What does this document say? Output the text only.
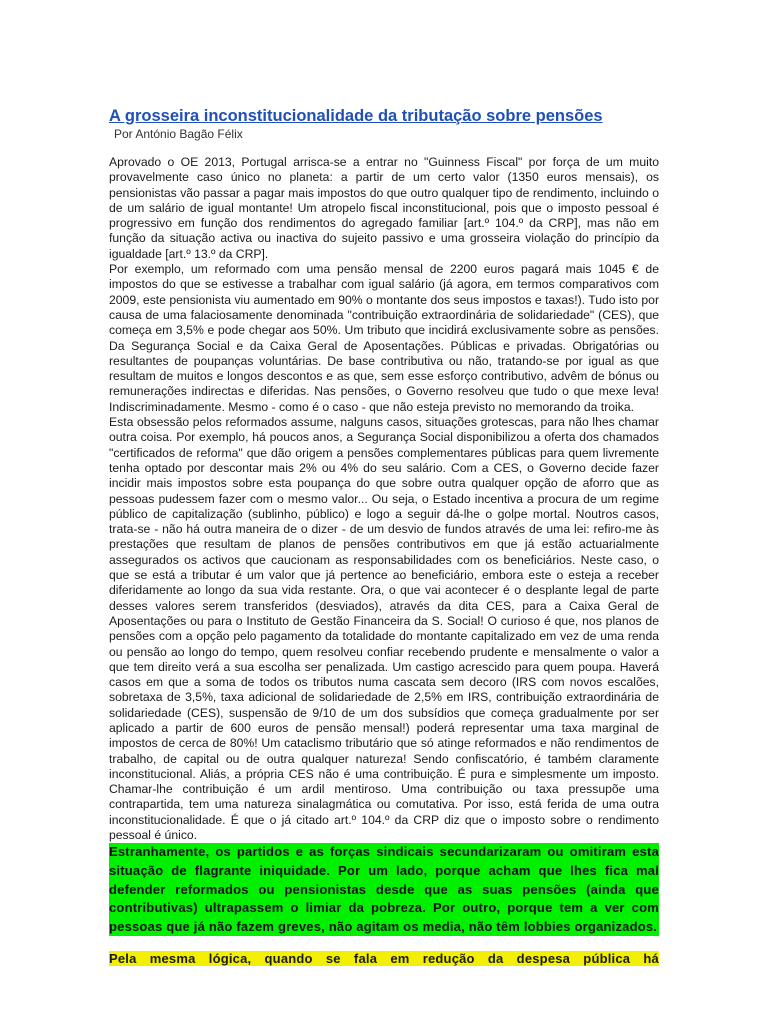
A grosseira inconstitucionalidade da tributação sobre pensões
Por António Bagão Félix

Aprovado o OE 2013, Portugal arrisca-se a entrar no "Guinness Fiscal" por força de um muito provavelmente caso único no planeta: a partir de um certo valor (1350 euros mensais), os pensionistas vão passar a pagar mais impostos do que outro qualquer tipo de rendimento, incluindo o de um salário de igual montante! Um atropelo fiscal inconstitucional, pois que o imposto pessoal é progressivo em função dos rendimentos do agregado familiar [art.º 104.º da CRP], mas não em função da situação activa ou inactiva do sujeito passivo e uma grosseira violação do princípio da igualdade [art.º 13.º da CRP].

Por exemplo, um reformado com uma pensão mensal de 2200 euros pagará mais 1045 € de impostos do que se estivesse a trabalhar com igual salário (já agora, em termos comparativos com 2009, este pensionista viu aumentado em 90% o montante dos seus impostos e taxas!). Tudo isto por causa de uma falaciosamente denominada "contribuição extraordinária de solidariedade" (CES), que começa em 3,5% e pode chegar aos 50%. Um tributo que incidirá exclusivamente sobre as pensões. Da Segurança Social e da Caixa Geral de Aposentações. Públicas e privadas. Obrigatórias ou resultantes de poupanças voluntárias. De base contributiva ou não, tratando-se por igual as que resultam de muitos e longos descontos e as que, sem esse esforço contributivo, advêm de bónus ou remunerações indirectas e diferidas. Nas pensões, o Governo resolveu que tudo o que mexe leva! Indiscriminadamente. Mesmo - como é o caso - que não esteja previsto no memorando da troika.

Esta obsessão pelos reformados assume, nalguns casos, situações grotescas, para não lhes chamar outra coisa. Por exemplo, há poucos anos, a Segurança Social disponibilizou a oferta dos chamados "certificados de reforma" que dão origem a pensões complementares públicas para quem livremente tenha optado por descontar mais 2% ou 4% do seu salário. Com a CES, o Governo decide fazer incidir mais impostos sobre esta poupança do que sobre outra qualquer opção de aforro que as pessoas pudessem fazer com o mesmo valor... Ou seja, o Estado incentiva a procura de um regime público de capitalização (sublinho, público) e logo a seguir dá-lhe o golpe mortal. Noutros casos, trata-se - não há outra maneira de o dizer - de um desvio de fundos através de uma lei: refiro-me às prestações que resultam de planos de pensões contributivos em que já estão actuarialmente assegurados os activos que caucionam as responsabilidades com os beneficiários. Neste caso, o que se está a tributar é um valor que já pertence ao beneficiário, embora este o esteja a receber diferidamente ao longo da sua vida restante. Ora, o que vai acontecer é o desplante legal de parte desses valores serem transferidos (desviados), através da dita CES, para a Caixa Geral de Aposentações ou para o Instituto de Gestão Financeira da S. Social! O curioso é que, nos planos de pensões com a opção pelo pagamento da totalidade do montante capitalizado em vez de uma renda ou pensão ao longo do tempo, quem resolveu confiar recebendo prudente e mensalmente o valor a que tem direito verá a sua escolha ser penalizada. Um castigo acrescido para quem poupa. Haverá casos em que a soma de todos os tributos numa cascata sem decoro (IRS com novos escalões, sobretaxa de 3,5%, taxa adicional de solidariedade de 2,5% em IRS, contribuição extraordinária de solidariedade (CES), suspensão de 9/10 de um dos subsídios que começa gradualmente por ser aplicado a partir de 600 euros de pensão mensal!) poderá representar uma taxa marginal de impostos de cerca de 80%! Um cataclismo tributário que só atinge reformados e não rendimentos de trabalho, de capital ou de outra qualquer natureza! Sendo confiscatório, é também claramente inconstitucional. Aliás, a própria CES não é uma contribuição. É pura e simplesmente um imposto. Chamar-lhe contribuição é um ardil mentiroso. Uma contribuição ou taxa pressupõe uma contrapartida, tem uma natureza sinalagmática ou comutativa. Por isso, está ferida de uma outra inconstitucionalidade. É que o já citado art.º 104.º da CRP diz que o imposto sobre o rendimento pessoal é único.

Estranhamente, os partidos e as forças sindicais secundarizaram ou omitiram esta situação de flagrante iniquidade. Por um lado, porque acham que lhes fica mal defender reformados ou pensionistas desde que as suas pensões (ainda que contributivas) ultrapassem o limiar da pobreza. Por outro, porque tem a ver com pessoas que já não fazem greves, não agitam os media, não têm lobbies organizados.

Pela mesma lógica, quando se fala em redução da despesa pública há
